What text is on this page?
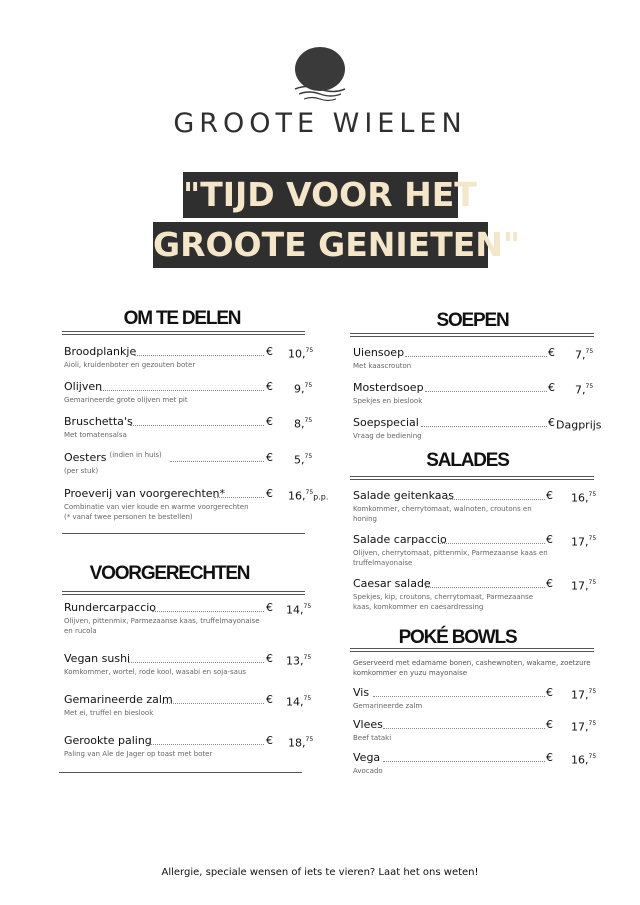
GROOTE WIELEN
"TIJD VOOR HET
GROOTE GENIETEN"
OM TE DELEN	SOEPEN
SALADES
VOORGERECHTEN
POKÉ BOWLS
Geserveerd met edamame bonen, cashewnoten, wakame, zoetzure komkommer en yuzu mayonaise
Broodplankje	€ 10,75
Aioli, kruidenboter en gezouten boter
Olijven	€ 9,75
Gemarineerde grote olijven met pit
Bruschetta's	€ 8,75
Met tomatensalsa
Oesters $^{(indien in huis)}$	€ 5,75
(per stuk)
Proeverij van voorgerechten*	€ 16,75p.p.
Combinatie van vier koude en warme voorgerechten (* vanaf twee personen te bestellen)
Rundercarpaccio	€ 14,75
Olijven, pittenmix, Parmezaanse kaas, truffelmayonaise en rucola
Vegan sushi	€ 13,75
Komkommer, wortel, rode kool, wasabi en soja-saus
Gemarineerde zalm	€ 14,75
Met ei, truffel en bieslook
Gerookte paling	€ 18,75
Paling van Ale de Jager op toast met boter
Uiensoep	€ 7,75
Met kaascrouton
Mosterdsoep	€ 7,75
Spekjes en bieslook
Soepspecial	€ Dagprijs
Vraag de bediening
Salade geitenkaas	€ 16,75
Komkommer, cherrytomaat, walnoten, croutons en honing
Salade carpaccio	€ 17,75
Olijven, cherrytomaat, pittenmix, Parmezaanse kaas en truffelmayonaise
Caesar salade	€ 17,75
Spekjes, kip, croutons, cherrytomaat, Parmezaanse kaas, komkommer en caesardressing
Vis	€ 17,75
Gemarineerde zalm
Vlees	€ 17,75
Beef tataki
Vega	€ 16,75
Avocado
Allergie, speciale wensen of iets te vieren? Laat het ons weten!
